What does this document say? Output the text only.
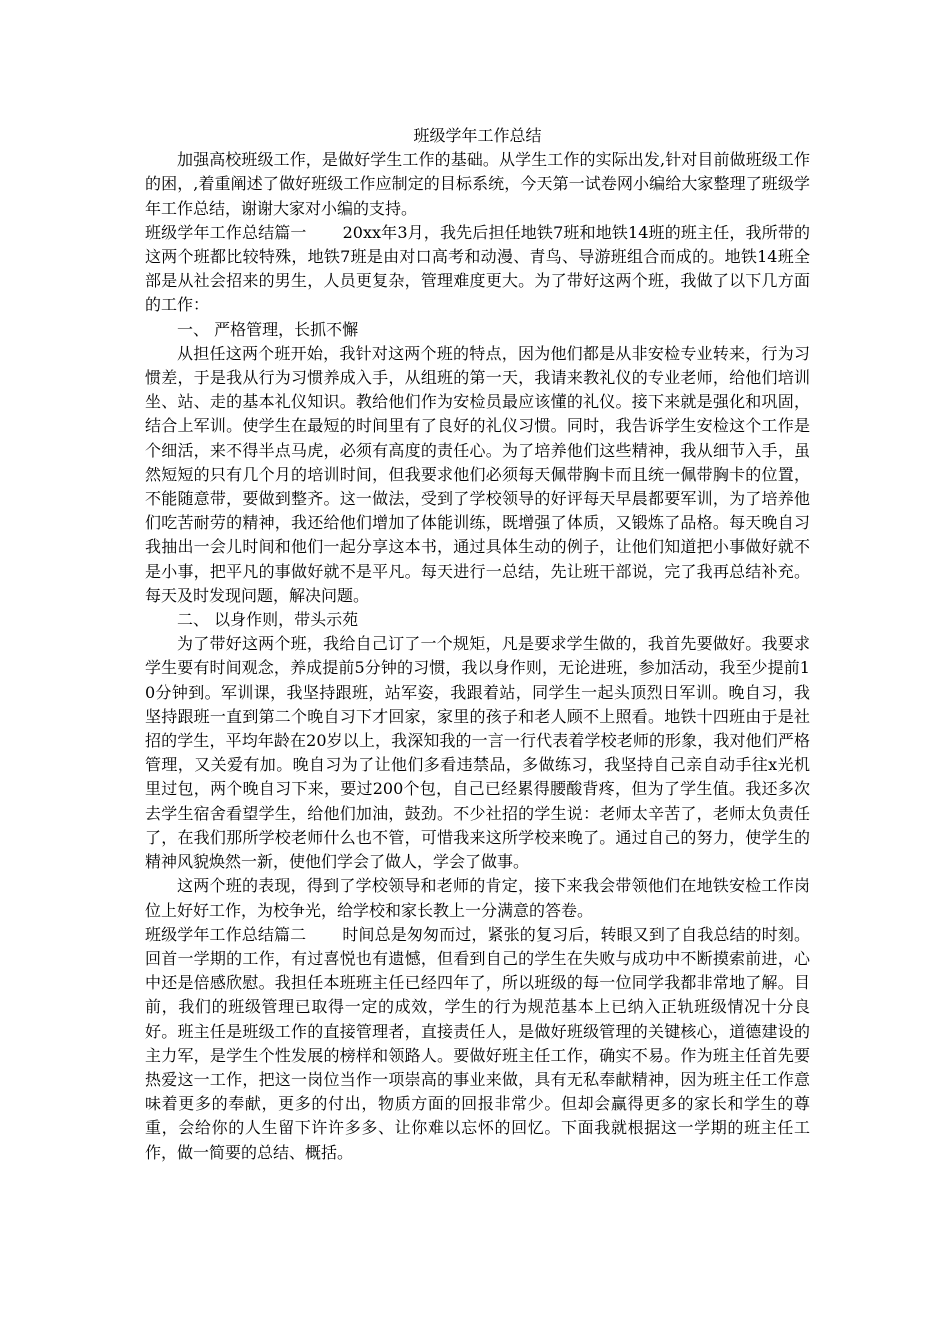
班级学年工作总结

加强高校班级工作，是做好学生工作的基础。从学生工作的实际出发,针对目前做班级工作的困，,着重阐述了做好班级工作应制定的目标系统，今天第一试卷网小编给大家整理了班级学年工作总结，谢谢大家对小编的支持。

班级学年工作总结篇一 20xx年3月，我先后担任地铁7班和地铁14班的班主任，我所带的这两个班都比较特殊，地铁7班是由对口高考和动漫、青鸟、导游班组合而成的。地铁14班全部是从社会招来的男生，人员更复杂，管理难度更大。为了带好这两个班，我做了以下几方面的工作：

一、 严格管理，长抓不懈

从担任这两个班开始，我针对这两个班的特点，因为他们都是从非安检专业转来，行为习惯差，于是我从行为习惯养成入手，从组班的第一天，我请来教礼仪的专业老师，给他们培训坐、站、走的基本礼仪知识。教给他们作为安检员最应该懂的礼仪。接下来就是强化和巩固，结合上军训。使学生在最短的时间里有了良好的礼仪习惯。同时，我告诉学生安检这个工作是个细活，来不得半点马虎，必须有高度的责任心。为了培养他们这些精神，我从细节入手，虽然短短的只有几个月的培训时间，但我要求他们必须每天佩带胸卡而且统一佩带胸卡的位置，不能随意带，要做到整齐。这一做法，受到了学校领导的好评每天早晨都要军训，为了培养他们吃苦耐劳的精神，我还给他们增加了体能训练，既增强了体质，又锻炼了品格。每天晚自习我抽出一会儿时间和他们一起分享这本书，通过具体生动的例子，让他们知道把小事做好就不是小事，把平凡的事做好就不是平凡。每天进行一总结，先让班干部说，完了我再总结补充。每天及时发现问题，解决问题。

二、 以身作则，带头示苑

为了带好这两个班，我给自己订了一个规矩，凡是要求学生做的，我首先要做好。我要求学生要有时间观念，养成提前5分钟的习惯，我以身作则，无论进班，参加活动，我至少提前10分钟到。军训课，我坚持跟班，站军姿，我跟着站，同学生一起头顶烈日军训。晚自习，我坚持跟班一直到第二个晚自习下才回家，家里的孩子和老人顾不上照看。地铁十四班由于是社招的学生，平均年龄在20岁以上，我深知我的一言一行代表着学校老师的形象，我对他们严格管理，又关爱有加。晚自习为了让他们多看违禁品，多做练习，我坚持自己亲自动手往x光机里过包，两个晚自习下来，要过200个包，自己已经累得腰酸背疼，但为了学生值。我还多次去学生宿舍看望学生，给他们加油，鼓劲。不少社招的学生说：老师太辛苦了，老师太负责任了，在我们那所学校老师什么也不管，可惜我来这所学校来晚了。通过自己的努力，使学生的精神风貌焕然一新，使他们学会了做人，学会了做事。

这两个班的表现，得到了学校领导和老师的肯定，接下来我会带领他们在地铁安检工作岗位上好好工作，为校争光，给学校和家长教上一分满意的答卷。

班级学年工作总结篇二 时间总是匆匆而过，紧张的复习后，转眼又到了自我总结的时刻。回首一学期的工作，有过喜悦也有遗憾，但看到自己的学生在失败与成功中不断摸索前进，心中还是倍感欣慰。我担任本班班主任已经四年了，所以班级的每一位同学我都非常地了解。目前，我们的班级管理已取得一定的成效，学生的行为规范基本上已纳入正轨班级情况十分良好。班主任是班级工作的直接管理者，直接责任人，是做好班级管理的关键核心，道德建设的主力军，是学生个性发展的榜样和领路人。要做好班主任工作，确实不易。作为班主任首先要热爱这一工作，把这一岗位当作一项崇高的事业来做，具有无私奉献精神，因为班主任工作意味着更多的奉献，更多的付出，物质方面的回报非常少。但却会赢得更多的家长和学生的尊重，会给你的人生留下许许多多、让你难以忘怀的回忆。下面我就根据这一学期的班主任工作，做一简要的总结、概括。
